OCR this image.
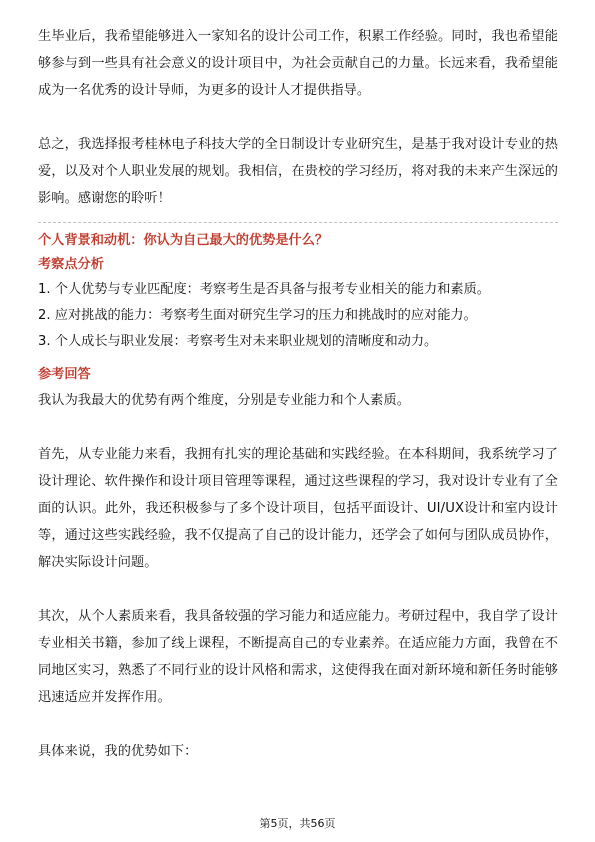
生毕业后，我希望能够进入一家知名的设计公司工作，积累工作经验。同时，我也希望能够参与到一些具有社会意义的设计项目中，为社会贡献自己的力量。长远来看，我希望能成为一名优秀的设计导师，为更多的设计人才提供指导。

总之，我选择报考桂林电子科技大学的全日制设计专业研究生，是基于我对设计专业的热爱，以及对个人职业发展的规划。我相信，在贵校的学习经历，将对我的未来产生深远的影响。感谢您的聆听！

个人背景和动机：你认为自己最大的优势是什么？

考察点分析

1. 个人优势与专业匹配度：考察考生是否具备与报考专业相关的能力和素质。

2. 应对挑战的能力：考察考生面对研究生学习的压力和挑战时的应对能力。

3. 个人成长与职业发展：考察考生对未来职业规划的清晰度和动力。

参考回答

我认为我最大的优势有两个维度，分别是专业能力和个人素质。

首先，从专业能力来看，我拥有扎实的理论基础和实践经验。在本科期间，我系统学习了设计理论、软件操作和设计项目管理等课程，通过这些课程的学习，我对设计专业有了全面的认识。此外，我还积极参与了多个设计项目，包括平面设计、UI/UX设计和室内设计等，通过这些实践经验，我不仅提高了自己的设计能力，还学会了如何与团队成员协作，解决实际设计问题。

其次，从个人素质来看，我具备较强的学习能力和适应能力。考研过程中，我自学了设计专业相关书籍，参加了线上课程，不断提高自己的专业素养。在适应能力方面，我曾在不同地区实习，熟悉了不同行业的设计风格和需求，这使得我在面对新环境和新任务时能够迅速适应并发挥作用。

具体来说，我的优势如下：

第5页，共56页
